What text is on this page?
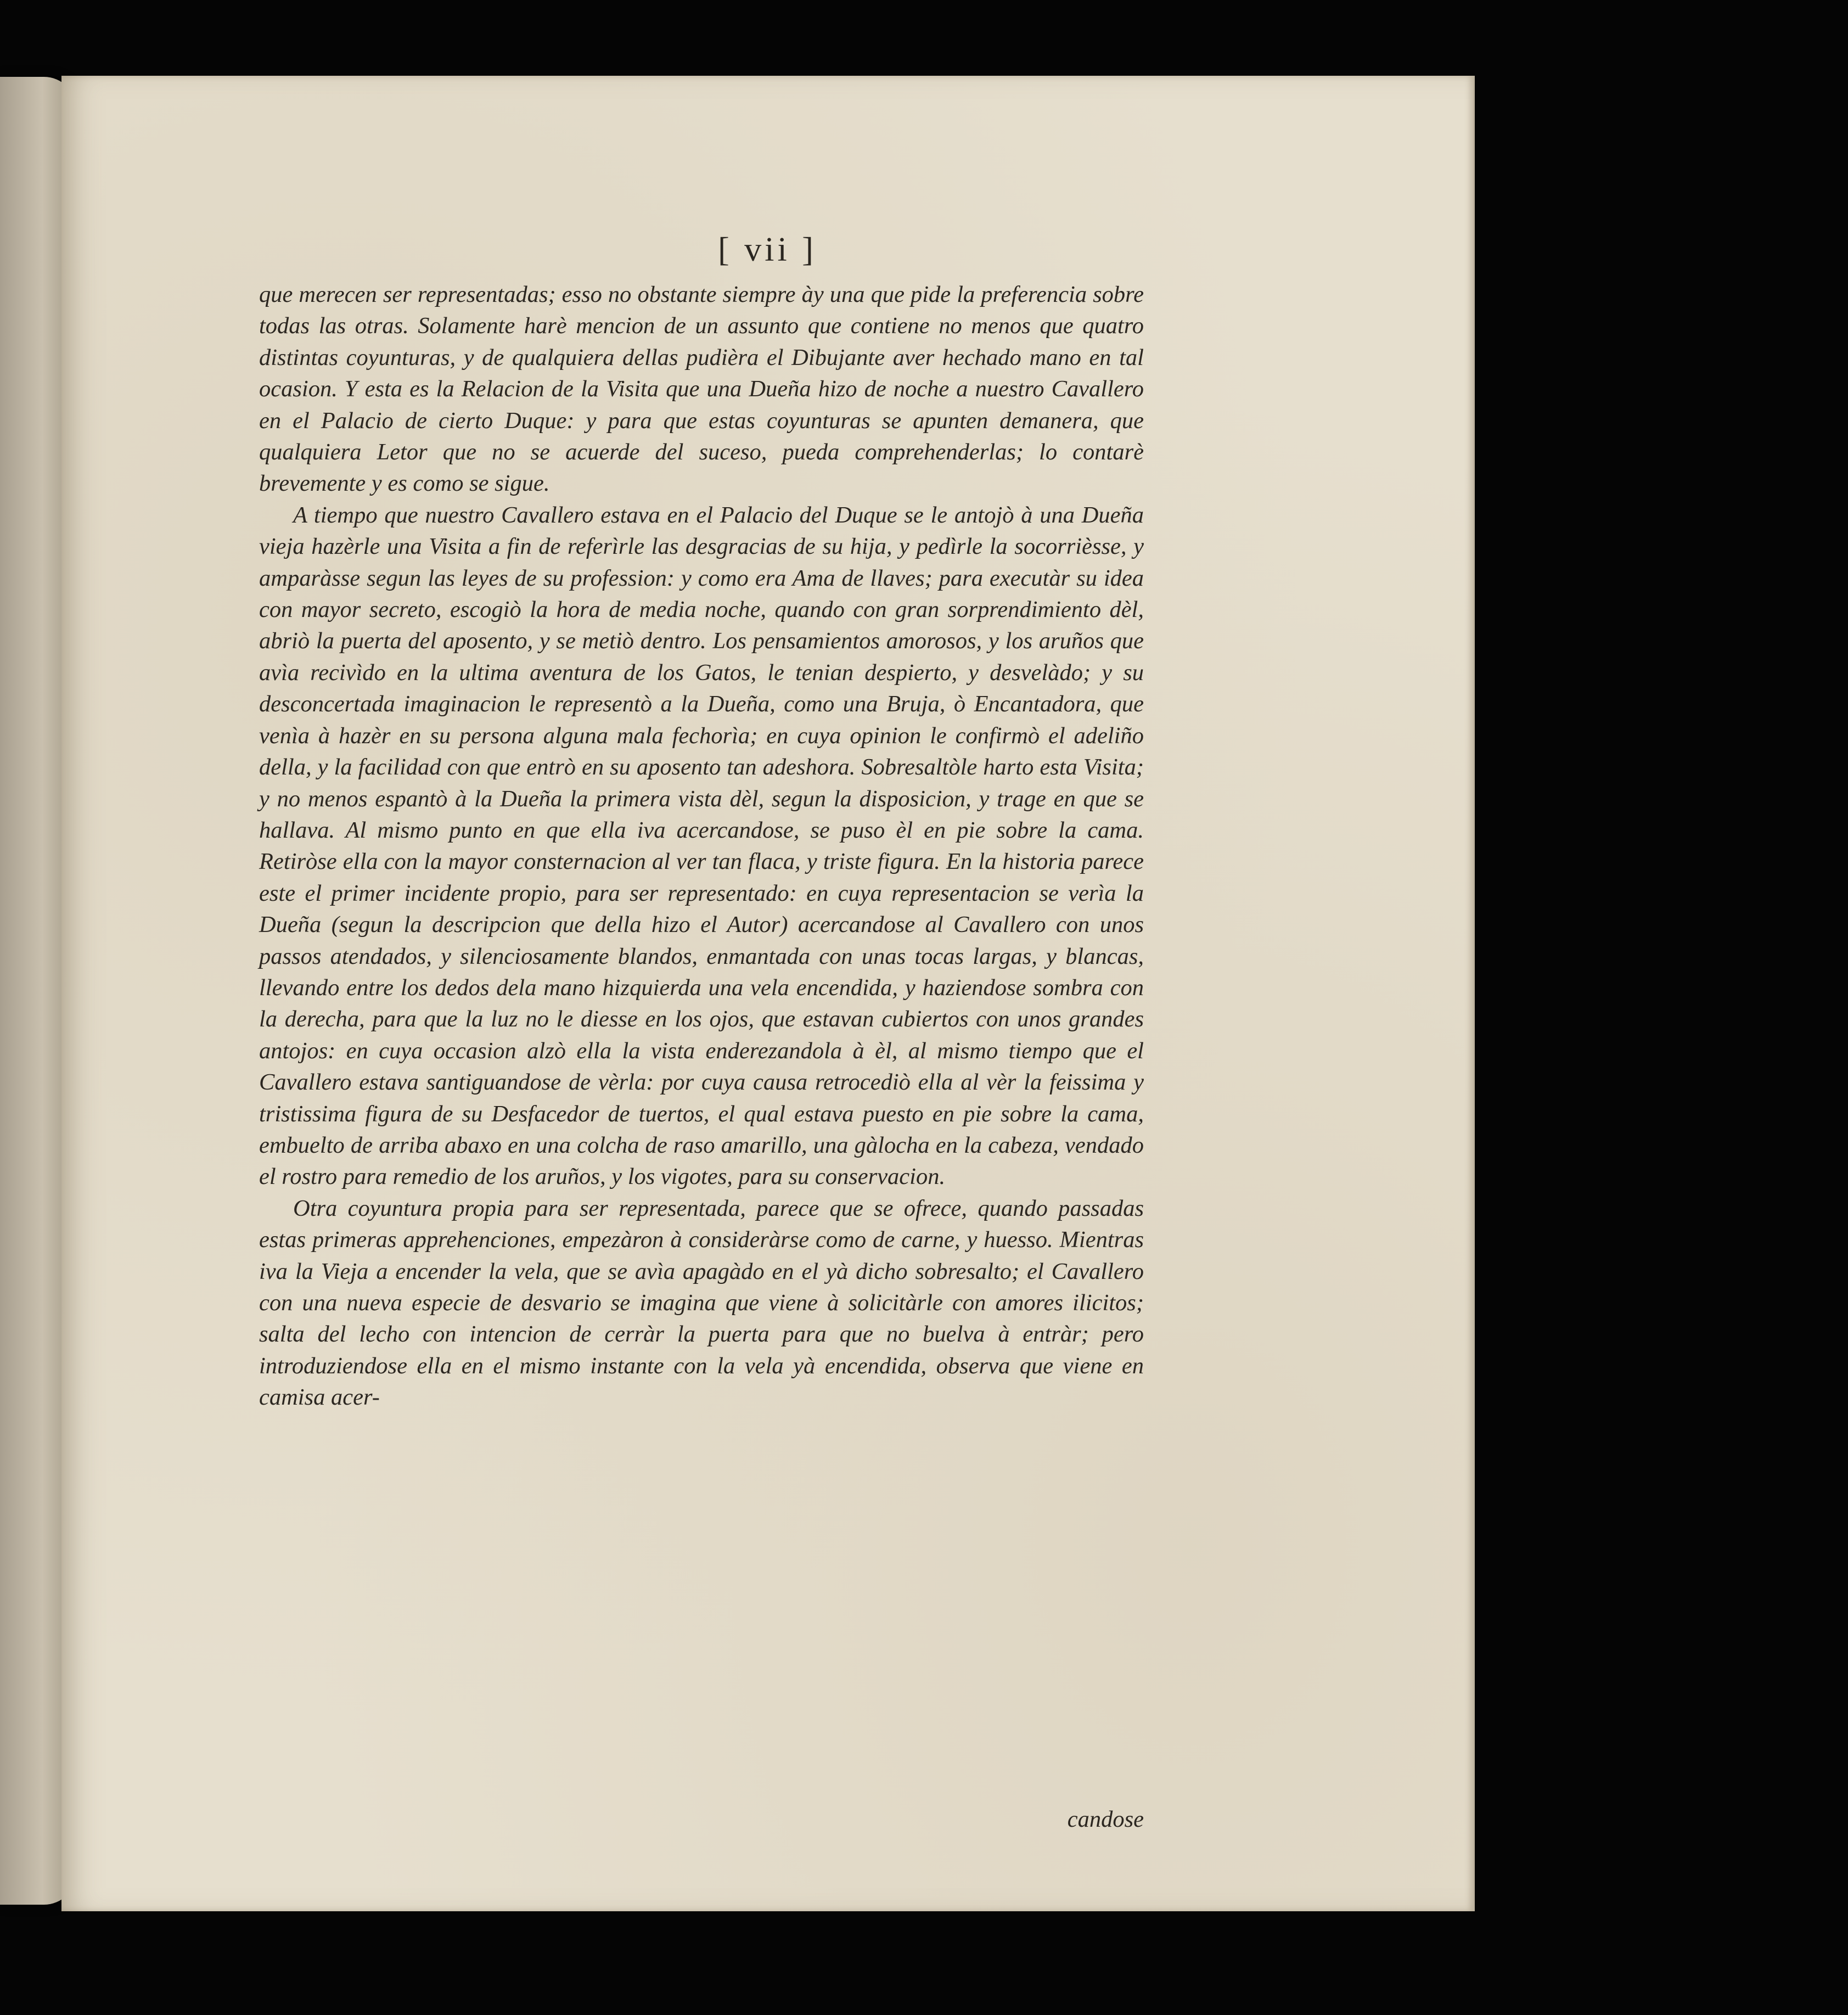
[ vii ]

que merecen ser representadas; esso no obstante siempre ày una que pide la preferencia sobre todas las otras. Solamente harè mencion de un assunto que contiene no menos que quatro distintas coyunturas, y de qualquiera dellas pudièra el Dibujante aver hechado mano en tal ocasion. Y esta es la Relacion de la Visita que una Dueña hizo de noche a nuestro Cavallero en el Palacio de cierto Duque: y para que estas coyunturas se apunten demanera, que qualquiera Letor que no se acuerde del suceso, pueda comprehenderlas; lo contarè brevemente y es como se sigue.

A tiempo que nuestro Cavallero estava en el Palacio del Duque se le antojò à una Dueña vieja hazèrle una Visita a fin de referìrle las desgracias de su hija, y pedìrle la socorrièsse, y amparàsse segun las leyes de su profession: y como era Ama de llaves; para executàr su idea con mayor secreto, escogiò la hora de media noche, quando con gran sorprendimiento dèl, abriò la puerta del aposento, y se metiò dentro. Los pensamientos amorosos, y los aruños que avìa recivìdo en la ultima aventura de los Gatos, le tenian despierto, y desvelàdo; y su desconcertada imaginacion le representò a la Dueña, como una Bruja, ò Encantadora, que venìa à hazèr en su persona alguna mala fechorìa; en cuya opinion le confirmò el adeliño della, y la facilidad con que entrò en su aposento tan adeshora. Sobresaltòle harto esta Visita; y no menos espantò à la Dueña la primera vista dèl, segun la disposicion, y trage en que se hallava. Al mismo punto en que ella iva acercandose, se puso èl en pie sobre la cama. Retiròse ella con la mayor consternacion al ver tan flaca, y triste figura. En la historia parece este el primer incidente propio, para ser representado: en cuya representacion se verìa la Dueña (segun la descripcion que della hizo el Autor) acercandose al Cavallero con unos passos atendados, y silenciosamente blandos, enmantada con unas tocas largas, y blancas, llevando entre los dedos dela mano hizquierda una vela encendida, y haziendose sombra con la derecha, para que la luz no le diesse en los ojos, que estavan cubiertos con unos grandes antojos: en cuya occasion alzò ella la vista enderezandola à èl, al mismo tiempo que el Cavallero estava santiguandose de vèrla: por cuya causa retrocediò ella al vèr la feissima y tristissima figura de su Desfacedor de tuertos, el qual estava puesto en pie sobre la cama, embuelto de arriba abaxo en una colcha de raso amarillo, una gàlocha en la cabeza, vendado el rostro para remedio de los aruños, y los vigotes, para su conservacion.

Otra coyuntura propia para ser representada, parece que se ofrece, quando passadas estas primeras apprehenciones, empezàron à consideràrse como de carne, y huesso. Mientras iva la Vieja a encender la vela, que se avìa apagàdo en el yà dicho sobresalto; el Cavallero con una nueva especie de desvario se imagina que viene à solicitàrle con amores ilicitos; salta del lecho con intencion de cerràr la puerta para que no buelva à entràr; pero introduziendose ella en el mismo instante con la vela yà encendida, observa que viene en camisa acer-

candose
